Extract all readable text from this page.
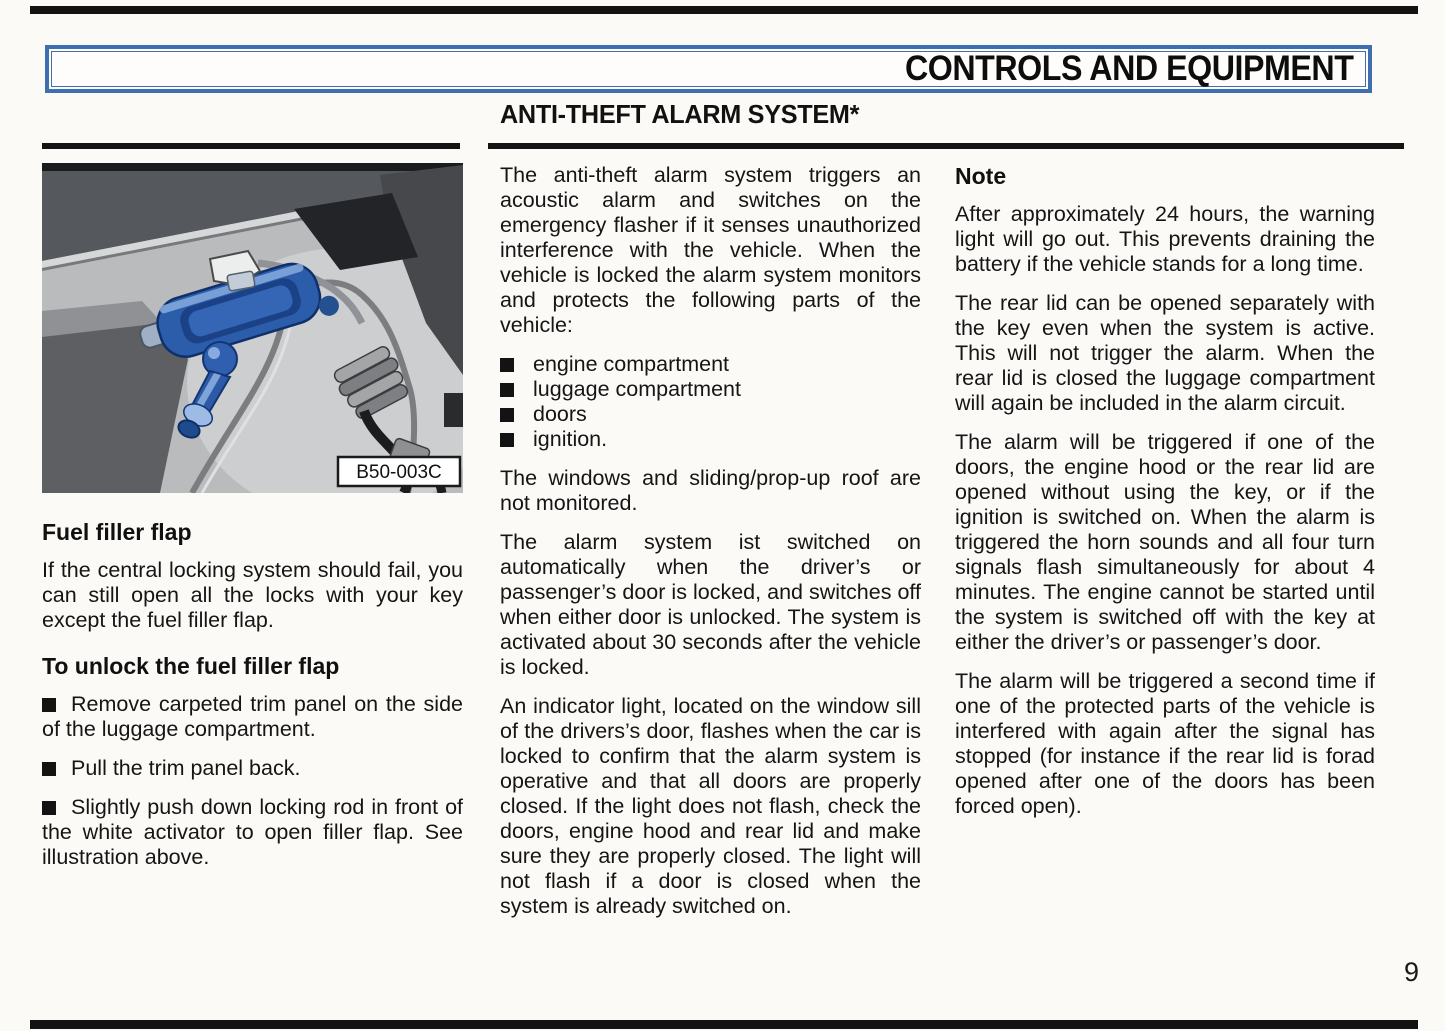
CONTROLS AND EQUIPMENT
ANTI-THEFT ALARM SYSTEM*
B50-003C
Fuel filler flap

If the central locking system should fail, you can still open all the locks with your key except the fuel filler flap.

To unlock the fuel filler flap

Remove carpeted trim panel on the side of the luggage compartment.

Pull the trim panel back.

Slightly push down locking rod in front of the white activator to open filler flap. See illustration above.

The anti-theft alarm system triggers an acoustic alarm and switches on the emergency flasher if it senses unauthorized interference with the vehicle. When the vehicle is locked the alarm system monitors and protects the following parts of the vehicle:

engine compartment
luggage compartment
doors
ignition.

The windows and sliding/prop-up roof are not monitored.

The alarm system ist switched on automatically when the driver’s or passenger’s door is locked, and switches off when either door is unlocked. The system is activated about 30 seconds after the vehicle is locked.

An indicator light, located on the window sill of the drivers’s door, flashes when the car is locked to confirm that the alarm system is operative and that all doors are properly closed. If the light does not flash, check the doors, engine hood and rear lid and make sure they are properly closed. The light will not flash if a door is closed when the system is already switched on.

Note

After approximately 24 hours, the warning light will go out. This prevents draining the battery if the vehicle stands for a long time.

The rear lid can be opened separately with the key even when the system is active. This will not trigger the alarm. When the rear lid is closed the luggage compartment will again be included in the alarm circuit.

The alarm will be triggered if one of the doors, the engine hood or the rear lid are opened without using the key, or if the ignition is switched on. When the alarm is triggered the horn sounds and all four turn signals flash simultaneously for about 4 minutes. The engine cannot be started until the system is switched off with the key at either the driver’s or passenger’s door.

The alarm will be triggered a second time if one of the protected parts of the vehicle is interfered with again after the signal has stopped (for instance if the rear lid is forad opened after one of the doors has been forced open).

9
